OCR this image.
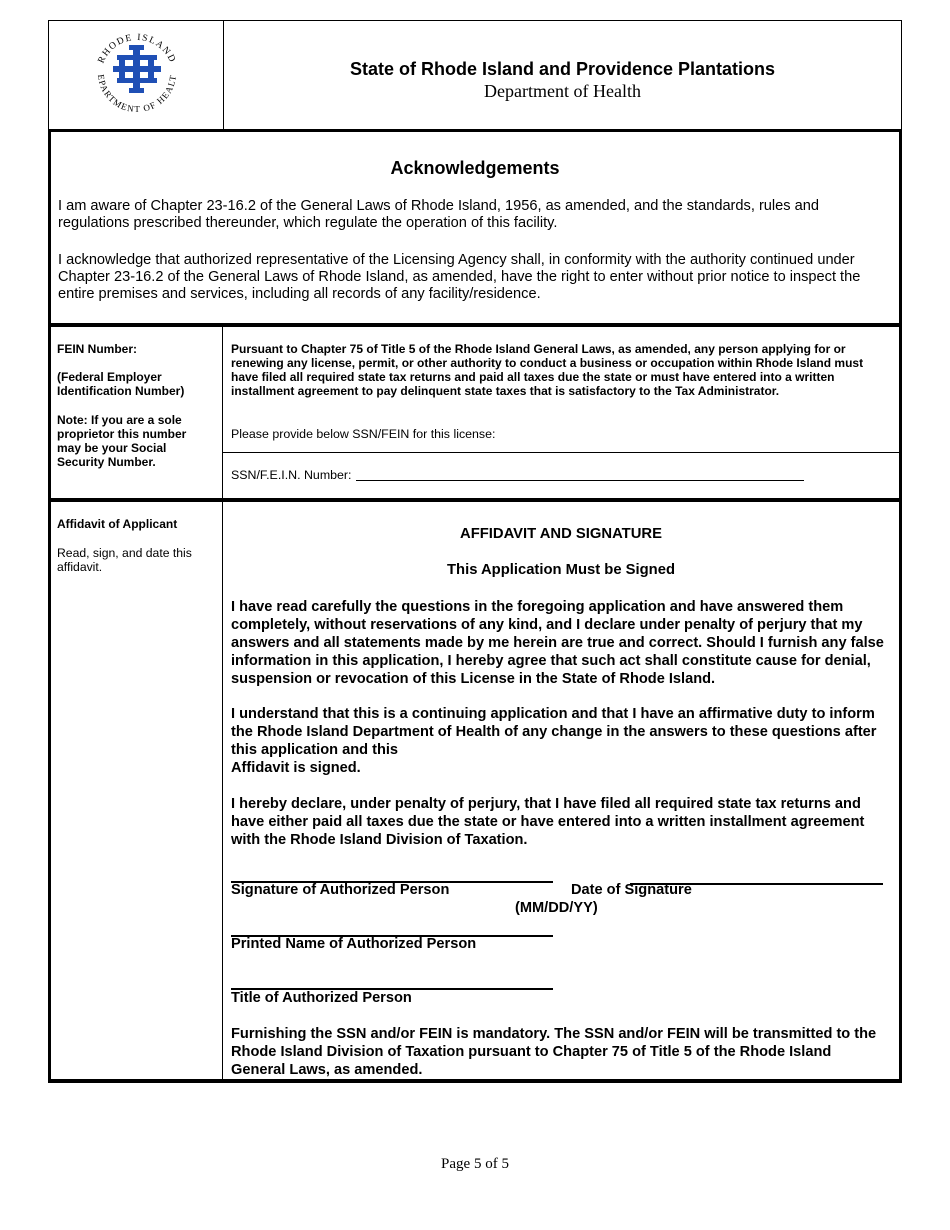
RHODE ISLAND
EPARTMENT OF HEALT	State of Rhode Island and Providence Plantations
Department of Health
Acknowledgements
I am aware of Chapter 23-16.2 of the General Laws of Rhode Island, 1956, as amended, and the standards, rules and regulations prescribed thereunder, which regulate the operation of this facility.
I acknowledge that authorized representative of the Licensing Agency shall, in conformity with the authority continued under Chapter 23-16.2 of the General Laws of Rhode Island, as amended, have the right to enter without prior notice to inspect the entire premises and services, including all records of any facility/residence.
FEIN Number:
(Federal Employer Identification Number)
Note: If you are a sole proprietor this number may be your Social Security Number.
Pursuant to Chapter 75 of Title 5 of the Rhode Island General Laws, as amended, any person applying for or renewing any license, permit, or other authority to conduct a business or occupation within Rhode Island must have filed all required state tax returns and paid all taxes due the state or must have entered into a written installment agreement to pay delinquent state taxes that is satisfactory to the Tax Administrator.
Please provide below SSN/FEIN for this license:
SSN/F.E.I.N. Number:
Affidavit of Applicant
Read, sign, and date this affidavit.
AFFIDAVIT AND SIGNATURE
This Application Must be Signed
I have read carefully the questions in the foregoing application and have answered them completely, without reservations of any kind, and I declare under penalty of perjury that my answers and all statements made by me herein are true and correct. Should I furnish any false information in this application, I hereby agree that such act shall constitute cause for denial, suspension or revocation of this License in the State of Rhode Island.
I understand that this is a continuing application and that I have an affirmative duty to inform the Rhode Island Department of Health of any change in the answers to these questions after this application and this
Affidavit is signed.
I hereby declare, under penalty of perjury, that I have filed all required state tax returns and have either paid all taxes due the state or have entered into a written installment agreement with the Rhode Island Division of Taxation.
Signature of Authorized Person	Date of Signature
(MM/DD/YY)
Printed Name of Authorized Person
Title of Authorized Person
Furnishing the SSN and/or FEIN is mandatory. The SSN and/or FEIN will be transmitted to the Rhode Island Division of Taxation pursuant to Chapter 75 of Title 5 of the Rhode Island General Laws, as amended.
Page 5 of 5
